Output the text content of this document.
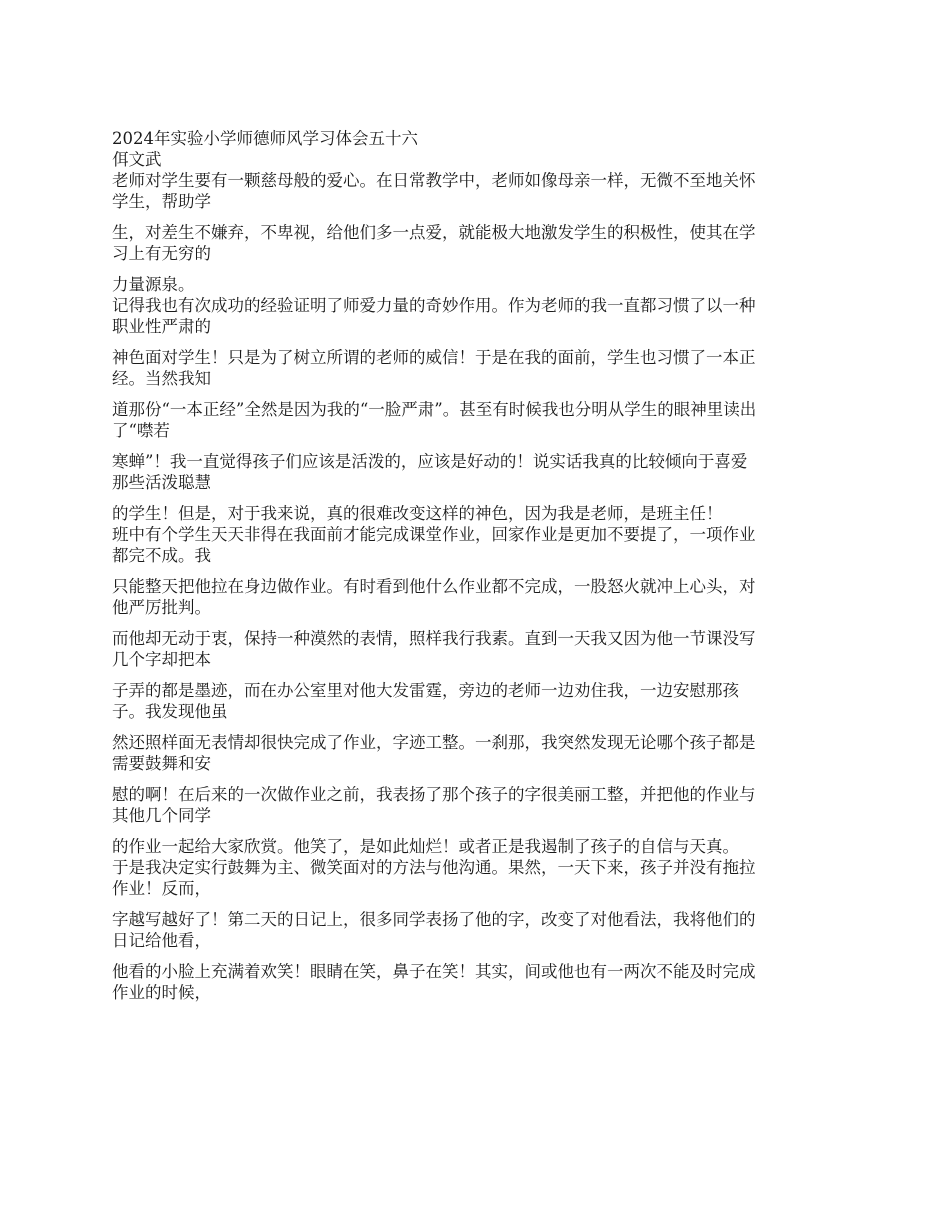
2024年实验小学师德师风学习体会五十六
佴文武
老师对学生要有一颗慈母般的爱心。在日常教学中，老师如像母亲一样，无微不至地关怀
学生，帮助学
生，对差生不嫌弃，不卑视，给他们多一点爱，就能极大地激发学生的积极性，使其在学
习上有无穷的
力量源泉。
记得我也有次成功的经验证明了师爱力量的奇妙作用。作为老师的我一直都习惯了以一种
职业性严肃的
神色面对学生！只是为了树立所谓的老师的威信！于是在我的面前，学生也习惯了一本正
经。当然我知
道那份“一本正经”全然是因为我的“一脸严肃”。甚至有时候我也分明从学生的眼神里读出
了“噤若
寒蝉”！我一直觉得孩子们应该是活泼的，应该是好动的！说实话我真的比较倾向于喜爱
那些活泼聪慧
的学生！但是，对于我来说，真的很难改变这样的神色，因为我是老师，是班主任！
班中有个学生天天非得在我面前才能完成课堂作业，回家作业是更加不要提了，一项作业
都完不成。我
只能整天把他拉在身边做作业。有时看到他什么作业都不完成，一股怒火就冲上心头，对
他严厉批判。
而他却无动于衷，保持一种漠然的表情，照样我行我素。直到一天我又因为他一节课没写
几个字却把本
子弄的都是墨迹，而在办公室里对他大发雷霆，旁边的老师一边劝住我，一边安慰那孩
子。我发现他虽
然还照样面无表情却很快完成了作业，字迹工整。一刹那，我突然发现无论哪个孩子都是
需要鼓舞和安
慰的啊！在后来的一次做作业之前，我表扬了那个孩子的字很美丽工整，并把他的作业与
其他几个同学
的作业一起给大家欣赏。他笑了，是如此灿烂！或者正是我遏制了孩子的自信与天真。
于是我决定实行鼓舞为主、微笑面对的方法与他沟通。果然，一天下来，孩子并没有拖拉
作业！反而，
字越写越好了！第二天的日记上，很多同学表扬了他的字，改变了对他看法，我将他们的
日记给他看，
他看的小脸上充满着欢笑！眼睛在笑，鼻子在笑！其实，间或他也有一两次不能及时完成
作业的时候，
